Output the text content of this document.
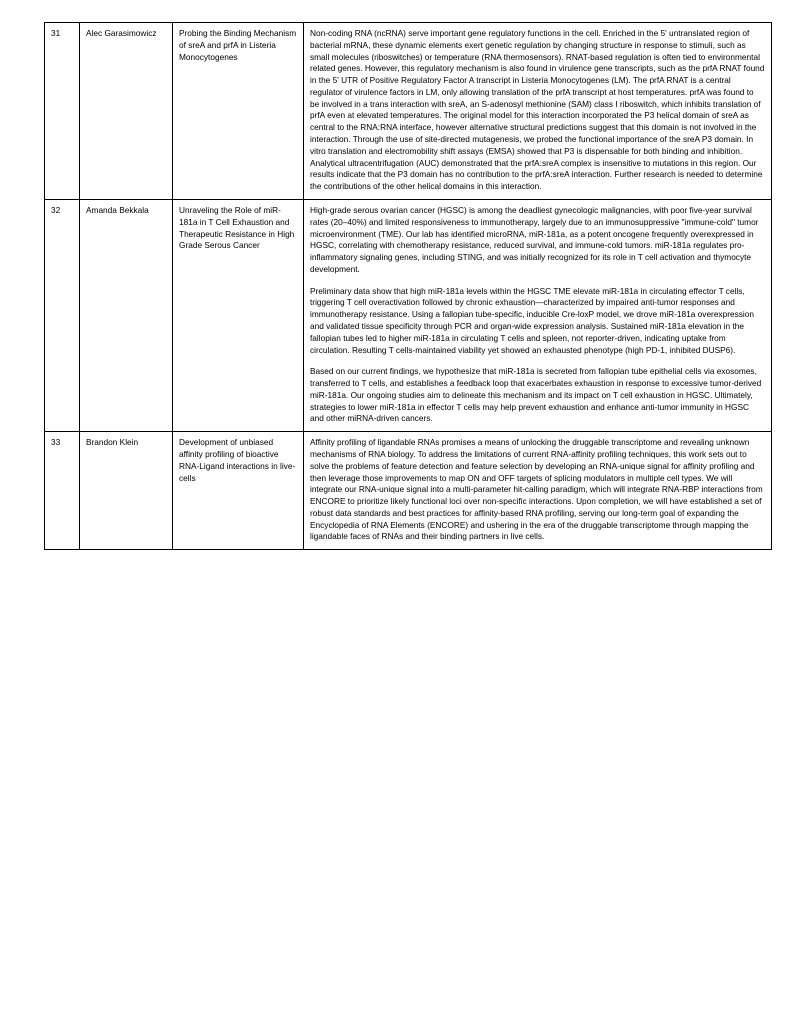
31	Alec Garasimowicz	Probing the Binding Mechanism of sreA and prfA in Listeria Monocytogenes	Non-coding RNA (ncRNA) serve important gene regulatory functions in the cell. Enriched in the 5' untranslated region of bacterial mRNA, these dynamic elements exert genetic regulation by changing structure in response to stimuli, such as small molecules (riboswitches) or temperature (RNA thermosensors). RNAT-based regulation is often tied to environmental related genes. However, this regulatory mechanism is also found in virulence gene transcripts, such as the prfA RNAT found in the 5' UTR of Positive Regulatory Factor A transcript in Listeria Monocytogenes (LM). The prfA RNAT is a central regulator of virulence factors in LM, only allowing translation of the prfA transcript at host temperatures. prfA was found to be involved in a trans interaction with sreA, an S-adenosyl methionine (SAM) class I riboswitch, which inhibits translation of prfA even at elevated temperatures. The original model for this interaction incorporated the P3 helical domain of sreA as central to the RNA:RNA interface, however alternative structural predictions suggest that this domain is not involved in the interaction. Through the use of site-directed mutagenesis, we probed the functional importance of the sreA P3 domain. In vitro translation and electromobility shift assays (EMSA) showed that P3 is dispensable for both binding and inhibition. Analytical ultracentrifugation (AUC) demonstrated that the prfA:sreA complex is insensitive to mutations in this region. Our results indicate that the P3 domain has no contribution to the prfA:sreA interaction. Further research is needed to determine the contributions of the other helical domains in this interaction.

32	Amanda Bekkala	Unraveling the Role of miR-181a in T Cell Exhaustion and Therapeutic Resistance in High Grade Serous Cancer	High-grade serous ovarian cancer (HGSC) is among the deadliest gynecologic malignancies, with poor five-year survival rates (20–40%) and limited responsiveness to immunotherapy, largely due to an immunosuppressive "immune-cold" tumor microenvironment (TME). Our lab has identified microRNA, miR-181a, as a potent oncogene frequently overexpressed in HGSC, correlating with chemotherapy resistance, reduced survival, and immune-cold tumors. miR-181a regulates pro-inflammatory signaling genes, including STING, and was initially recognized for its role in T cell activation and thymocyte development.

Preliminary data show that high miR-181a levels within the HGSC TME elevate miR-181a in circulating effector T cells, triggering T cell overactivation followed by chronic exhaustion—characterized by impaired anti-tumor responses and immunotherapy resistance. Using a fallopian tube-specific, inducible Cre-loxP model, we drove miR-181a overexpression and validated tissue specificity through PCR and organ-wide expression analysis. Sustained miR-181a elevation in the fallopian tubes led to higher miR-181a in circulating T cells and spleen, not reporter-driven, indicating uptake from circulation. Resulting T cells-maintained viability yet showed an exhausted phenotype (high PD-1, inhibited DUSP6).

Based on our current findings, we hypothesize that miR-181a is secreted from fallopian tube epithelial cells via exosomes, transferred to T cells, and establishes a feedback loop that exacerbates exhaustion in response to excessive tumor-derived miR-181a. Our ongoing studies aim to delineate this mechanism and its impact on T cell exhaustion in HGSC. Ultimately, strategies to lower miR-181a in effector T cells may help prevent exhaustion and enhance anti-tumor immunity in HGSC and other miRNA-driven cancers.

33	Brandon Klein	Development of unbiased affinity profiling of bioactive RNA-Ligand interactions in live-cells	Affinity profiling of ligandable RNAs promises a means of unlocking the druggable transcriptome and revealing unknown mechanisms of RNA biology. To address the limitations of current RNA-affinity profiling techniques, this work sets out to solve the problems of feature detection and feature selection by developing an RNA-unique signal for affinity profiling and then leverage those improvements to map ON and OFF targets of splicing modulators in multiple cell types. We will integrate our RNA-unique signal into a multi-parameter hit-calling paradigm, which will integrate RNA-RBP interactions from ENCORE to prioritize likely functional loci over non-specific interactions. Upon completion, we will have established a set of robust data standards and best practices for affinity-based RNA profiling, serving our long-term goal of expanding the Encyclopedia of RNA Elements (ENCORE) and ushering in the era of the druggable transcriptome through mapping the ligandable faces of RNAs and their binding partners in live cells.
